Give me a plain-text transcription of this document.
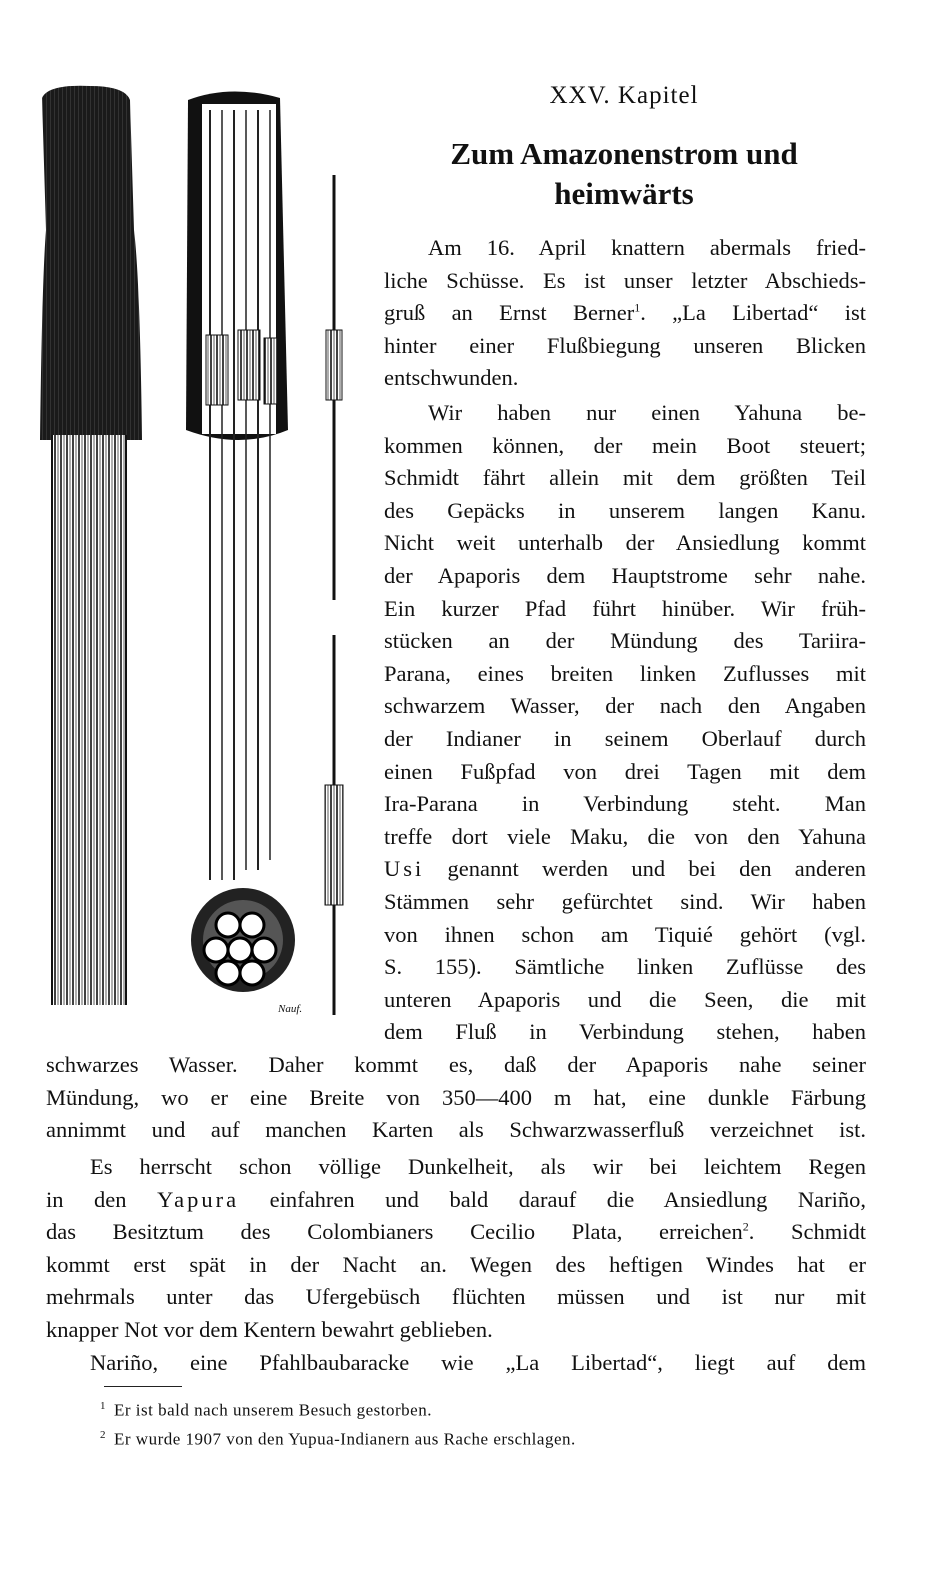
Nauf.
XXV. Kapitel
Zum Amazonenstrom und
heimwärts
Am 16. April knattern abermals fried-
liche Schüsse. Es ist unser letzter Abschieds-
gruß an Ernst Berner$^1$. „La Libertad“ ist
hinter einer Flußbiegung unseren Blicken
entschwunden.
Wir haben nur einen Yahuna be-
kommen können, der mein Boot steuert;
Schmidt fährt allein mit dem größten Teil
des Gepäcks in unserem langen Kanu.
Nicht weit unterhalb der Ansiedlung kommt
der Apaporis dem Hauptstrome sehr nahe.
Ein kurzer Pfad führt hinüber. Wir früh-
stücken an der Mündung des Tariira-
Parana, eines breiten linken Zuflusses mit
schwarzem Wasser, der nach den Angaben
der Indianer in seinem Oberlauf durch
einen Fußpfad von drei Tagen mit dem
Ira-Parana in Verbindung steht. Man
treffe dort viele Maku, die von den Yahuna
Usi genannt werden und bei den anderen
Stämmen sehr gefürchtet sind. Wir haben
von ihnen schon am Tiquié gehört (vgl.
S. 155). Sämtliche linken Zuflüsse des
unteren Apaporis und die Seen, die mit
dem Fluß in Verbindung stehen, haben
schwarzes Wasser. Daher kommt es, daß der Apaporis nahe seiner
Mündung, wo er eine Breite von 350—400 m hat, eine dunkle Färbung
annimmt und auf manchen Karten als Schwarzwasserfluß verzeichnet ist.
Es herrscht schon völlige Dunkelheit, als wir bei leichtem Regen
in den Yapura einfahren und bald darauf die Ansiedlung Nariño,
das Besitztum des Colombianers Cecilio Plata, erreichen$^2$. Schmidt
kommt erst spät in der Nacht an. Wegen des heftigen Windes hat er
mehrmals unter das Ufergebüsch flüchten müssen und ist nur mit
knapper Not vor dem Kentern bewahrt geblieben.
Nariño, eine Pfahlbaubaracke wie „La Libertad“, liegt auf dem
$^1$ Er ist bald nach unserem Besuch gestorben.
$^2$ Er wurde 1907 von den Yupua-Indianern aus Rache erschlagen.
